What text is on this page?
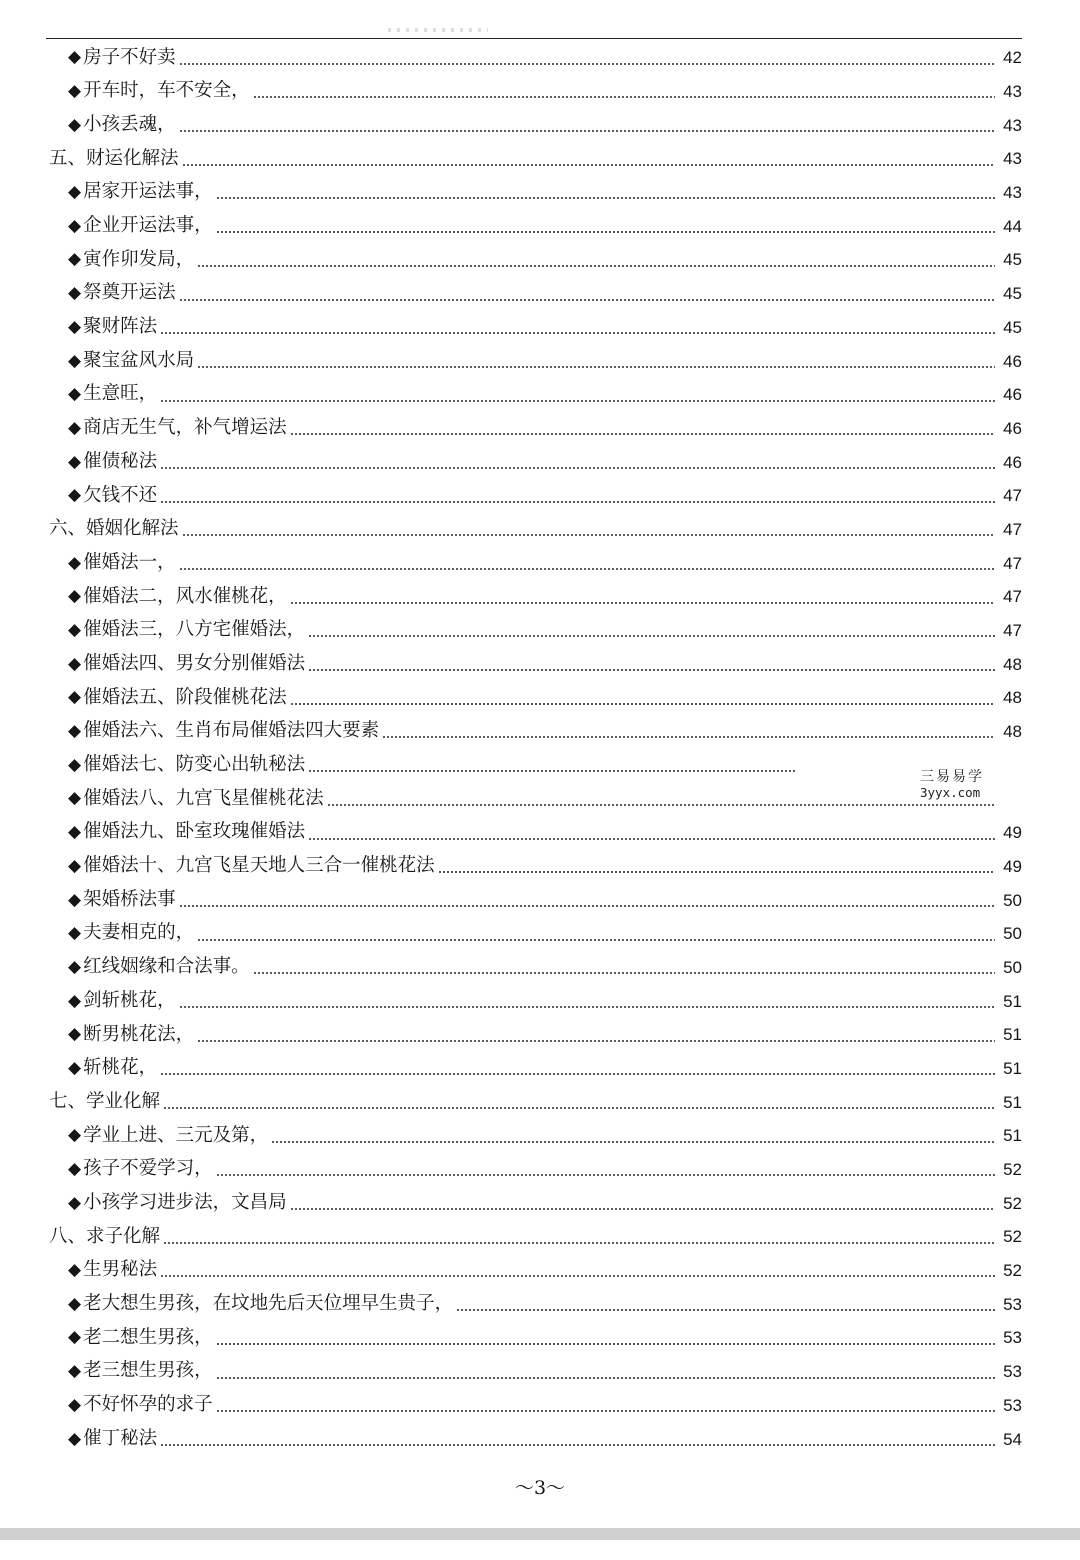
◆ 房子不好卖	42
◆ 开车时，车不安全，	43
◆ 小孩丢魂，	43
五、财运化解法	43
◆ 居家开运法事，	43
◆ 企业开运法事，	44
◆ 寅作卯发局，	45
◆ 祭奠开运法	45
◆ 聚财阵法	45
◆ 聚宝盆风水局	46
◆ 生意旺，	46
◆ 商店无生气，补气增运法	46
◆ 催债秘法	46
◆ 欠钱不还	47
六、婚姻化解法	47
◆ 催婚法一，	47
◆ 催婚法二，风水催桃花，	47
◆ 催婚法三，八方宅催婚法，	47
◆ 催婚法四、男女分别催婚法	48
◆ 催婚法五、阶段催桃花法	48
◆ 催婚法六、生肖布局催婚法四大要素	48
◆ 催婚法七、防变心出轨秘法
◆ 催婚法八、九宫飞星催桃花法
◆ 催婚法九、卧室玫瑰催婚法	49
◆ 催婚法十、九宫飞星天地人三合一催桃花法	49
◆ 架婚桥法事	50
◆ 夫妻相克的，	50
◆ 红线姻缘和合法事。	50
◆ 剑斩桃花，	51
◆ 断男桃花法，	51
◆ 斩桃花，	51
七、学业化解	51
◆ 学业上进、三元及第，	51
◆ 孩子不爱学习，	52
◆ 小孩学习进步法，文昌局	52
八、求子化解	52
◆ 生男秘法	52
◆ 老大想生男孩，在坟地先后天位埋早生贵子，	53
◆ 老二想生男孩，	53
◆ 老三想生男孩，	53
◆ 不好怀孕的求子	53
◆ 催丁秘法	54
三易易学
3yyx.com
～3～
